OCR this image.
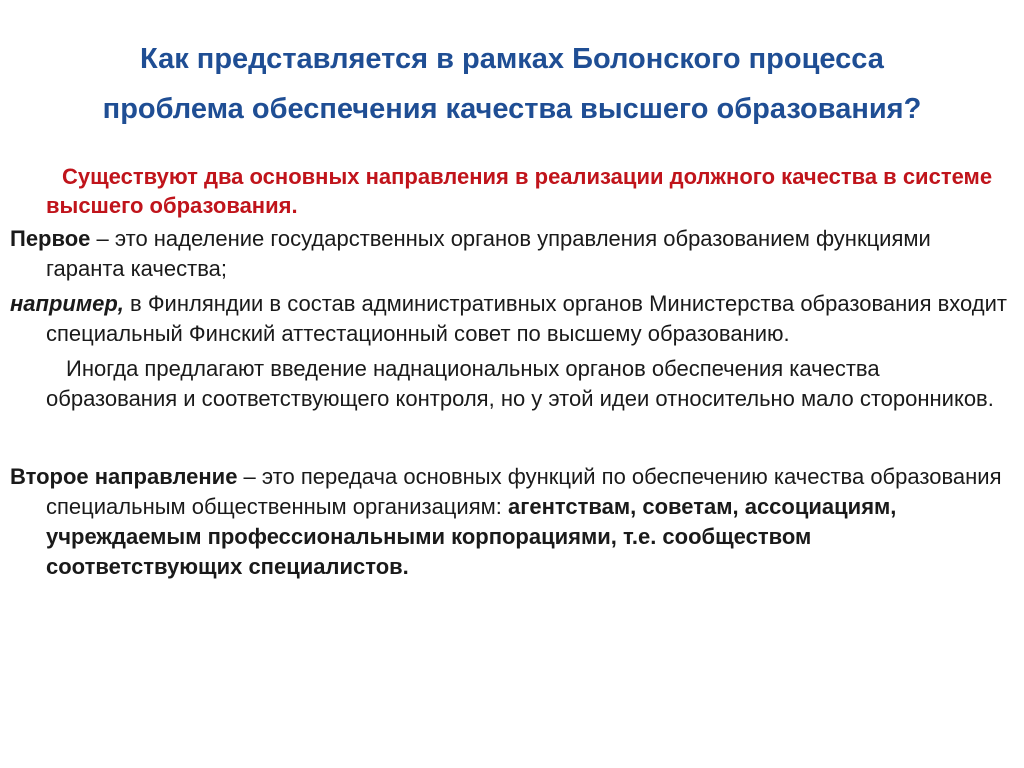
Как представляется в рамках Болонского процесса
проблема обеспечения качества высшего образования?

Существуют два основных направления в реализации должного качества в системе высшего образования.

Первое – это наделение государственных органов управления образованием функциями гаранта качества;

например, в Финляндии в состав административных органов Министерства образования входит специальный Финский аттестационный совет по высшему образованию.

Иногда предлагают введение наднациональных органов обеспечения качества образования и соответствующего контроля, но у этой идеи относительно мало сторонников.

Второе направление – это передача основных функций по обеспечению качества образования специальным общественным организациям: агентствам, советам, ассоциациям, учреждаемым профессиональными корпорациями, т.е. сообществом соответствующих специалистов.
